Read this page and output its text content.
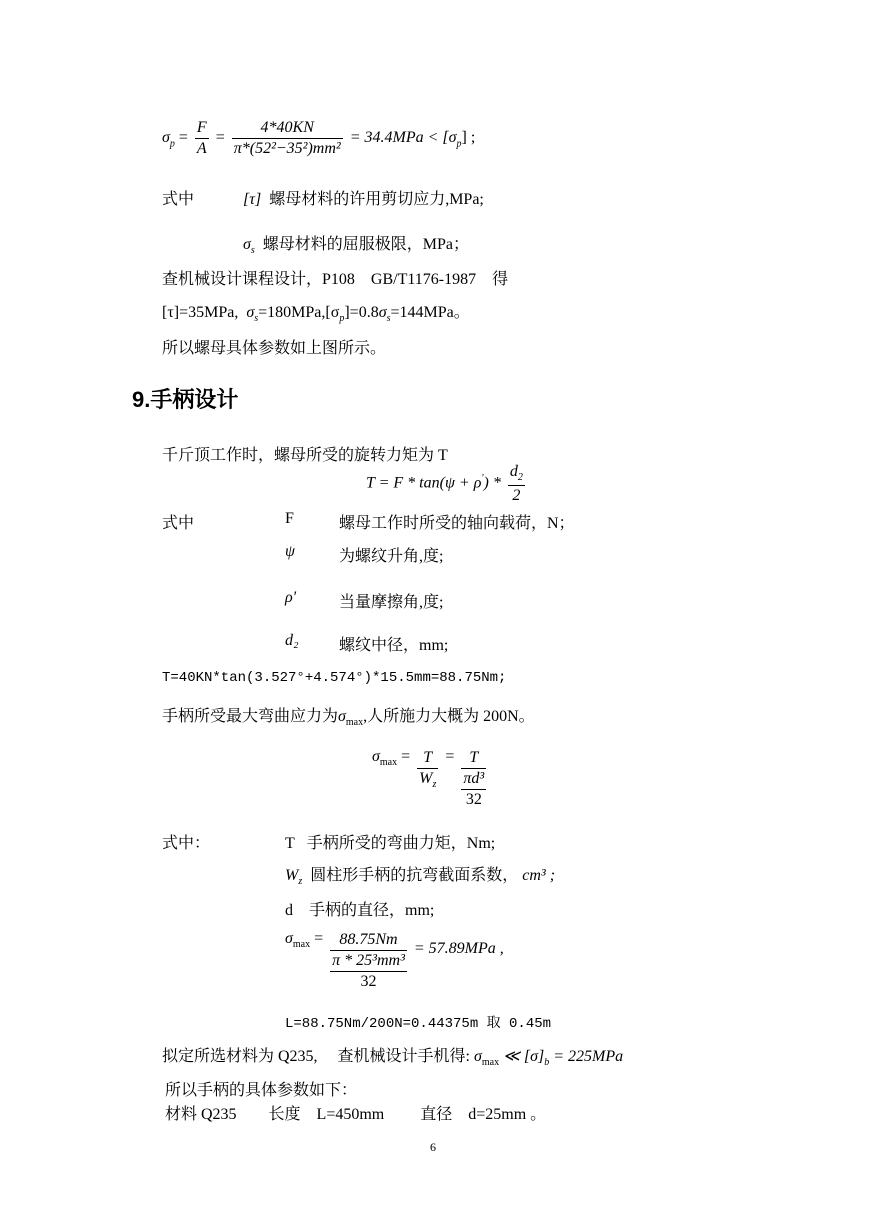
$\sigma_p = \frac{F}{A} = \frac{4*40KN}{\text{π*(52²−35²)mm²}} = 34.4MPa < [\sigma_p]$ ;
式中	[τ] 螺母材料的许用剪切应力,MPa;
$\sigma_s$ 螺母材料的屈服极限，MPa；
查机械设计课程设计，P108　GB/T1176-1987　得
[τ]=35MPa, $\sigma_s=180MPa,[\sigma_p]=0.8\sigma_s=144MPa$。
所以螺母具体参数如上图所示。
9.手柄设计
千斤顶工作时，螺母所受的旋转力矩为 T
$T = F * \tan(\psi + \rho') * \frac{d_2}{2}$
式中	F	螺母工作时所受的轴向载荷，N；
ψ	为螺纹升角,度;
ρ'	当量摩擦角,度;
d₂	螺纹中径，mm;
T=40KN*tan(3.527°+4.574°)*15.5mm=88.75Nm;
手柄所受最大弯曲应力为$\sigma_{max}$,人所施力大概为 200N。
$\sigma_{max} = \frac{T}{W_z} = T$
πd³
32
式中：	T 手柄所受的弯曲力矩，Nm;
$W_z$ 圆柱形手柄的抗弯截面系数， cm³ ;
d 手柄的直径，mm;
$\sigma_{max}$ =	88.75Nm
π * 25³mm³
32
= 57.89MPa ,
L=88.75Nm/200N=0.44375m 取 0.45m
拟定所选材料为 Q235,　 查机械设计手机得: $\sigma_{max}$ ≪ $[\sigma]_b = 225MPa$
所以手柄的具体参数如下：
材料 Q235　　长度　L=450mm　　 直径　d=25mm 。
6
